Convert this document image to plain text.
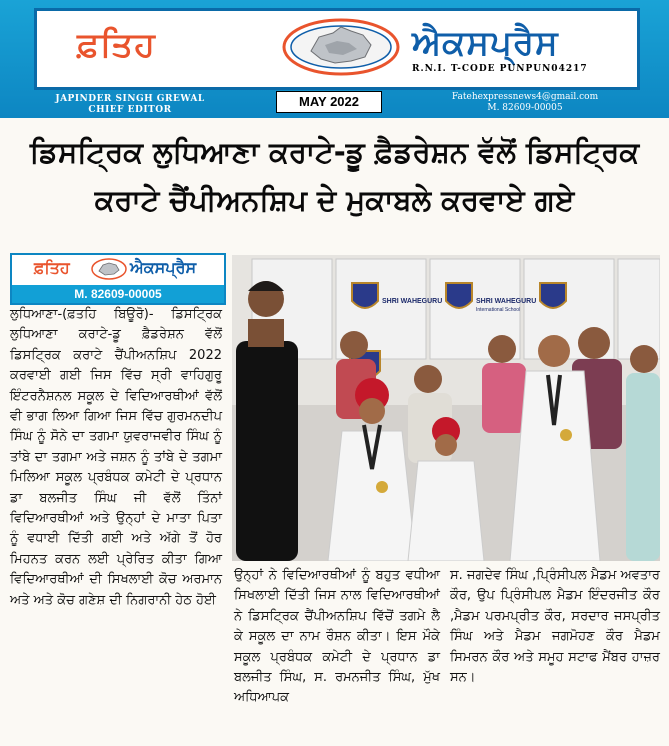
ਫ਼ਤਿਹ	ਐਕਸਪ੍ਰੈਸ
R.N.I. T-CODE PUNPUN04217
JAPINDER SINGH GREWAL
CHIEF EDITOR
MAY 2022	Fatehexpressnews4@gmail.com
M. 82609-00005
ਡਿਸਟ੍ਰਿਕ ਲੁਧਿਆਣਾ ਕਰਾਟੇ-ਡੂ ਫ਼ੈਡਰੇਸ਼ਨ ਵੱਲੋਂ ਡਿਸਟ੍ਰਿਕ
ਕਰਾਟੇ ਚੈਂਪੀਅਨਸ਼ਿਪ ਦੇ ਮੁਕਾਬਲੇ ਕਰਵਾਏ ਗਏ
ਫ਼ਤਿਹ	ਐਕਸਪ੍ਰੈਸ
M. 82609-00005
ਲੁਧਿਆਣਾ-(ਫ਼ਤਹਿ ਬਿਊਰੋ)- ਡਿਸਟ੍ਰਿਕ ਲੁਧਿਆਣਾ ਕਰਾਟੇ-ਡੂ ਫ਼ੈਡਰੇਸ਼ਨ ਵੱਲੋਂ ਡਿਸਟ੍ਰਿਕ ਕਰਾਟੇ ਚੈਂਪੀਅਨਸ਼ਿਪ 2022 ਕਰਵਾਈ ਗਈ ਜਿਸ ਵਿੱਚ ਸ੍ਰੀ ਵਾਹਿਗੁਰੂ ਇੰਟਰਨੈਸ਼ਨਲ ਸਕੂਲ ਦੇ ਵਿਦਿਆਰਥੀਆਂ ਵੱਲੋਂ ਵੀ ਭਾਗ ਲਿਆ ਗਿਆ ਜਿਸ ਵਿੱਚ ਗੁਰਮਨਦੀਪ ਸਿੰਘ ਨੂੰ ਸੋਨੇ ਦਾ ਤਗਮਾ ਯੁਵਰਾਜਵੀਰ ਸਿੰਘ ਨੂੰ ਤਾਂਬੇ ਦਾ ਤਗਮਾ ਅਤੇ ਜਸ਼ਨ ਨੂੰ ਤਾਂਬੇ ਦੇ ਤਗਮਾ ਮਿਲਿਆ ਸਕੂਲ ਪ੍ਰਬੰਧਕ ਕਮੇਟੀ ਦੇ ਪ੍ਰਧਾਨ ਡਾ ਬਲਜੀਤ ਸਿੰਘ ਜੀ ਵੱਲੋਂ ਤਿੰਨਾਂ ਵਿਦਿਆਰਥੀਆਂ ਅਤੇ ਉਨ੍ਹਾਂ ਦੇ ਮਾਤਾ ਪਿਤਾ ਨੂੰ ਵਧਾਈ ਦਿੱਤੀ ਗਈ ਅਤੇ ਅੱਗੇ ਤੋਂ ਹੋਰ ਮਿਹਨਤ ਕਰਨ ਲਈ ਪ੍ਰੇਰਿਤ ਕੀਤਾ ਗਿਆ ਵਿਦਿਆਰਥੀਆਂ ਦੀ ਸਿਖਲਾਈ ਕੋਚ ਅਰਮਾਨ ਅਤੇ ਅਤੇ ਕੋਚ ਗਣੇਸ਼ ਦੀ ਨਿਗਰਾਨੀ ਹੇਠ ਹੋਈ
ਉਨ੍ਹਾਂ ਨੇ ਵਿਦਿਆਰਥੀਆਂ ਨੂੰ ਬਹੁਤ ਵਧੀਆ ਸਿਖਲਾਈ ਦਿੱਤੀ ਜਿਸ ਨਾਲ ਵਿਦਿਆਰਥੀਆਂ ਨੇ ਡਿਸਟ੍ਰਿਕ ਚੈਂਪੀਅਨਸ਼ਿਪ ਵਿੱਚੋਂ ਤਗਮੇ ਲੈ ਕੇ ਸਕੂਲ ਦਾ ਨਾਮ ਰੌਸ਼ਨ ਕੀਤਾ। ਇਸ ਮੌਕੇ ਸਕੂਲ ਪ੍ਰਬੰਧਕ ਕਮੇਟੀ ਦੇ ਪ੍ਰਧਾਨ ਡਾ ਬਲਜੀਤ ਸਿੰਘ, ਸ. ਰਮਨਜੀਤ ਸਿੰਘ, ਮੁੱਖ ਅਧਿਆਪਕ
ਸ. ਜਗਦੇਵ ਸਿੰਘ ,ਪ੍ਰਿੰਸੀਪਲ ਮੈਡਮ ਅਵਤਾਰ ਕੌਰ, ਉਪ ਪ੍ਰਿੰਸੀਪਲ ਮੈਡਮ ਇੰਦਰਜੀਤ ਕੌਰ ,ਮੈਡਮ ਪਰਮਪ੍ਰੀਤ ਕੌਰ, ਸਰਦਾਰ ਜਸਪ੍ਰੀਤ ਸਿੰਘ ਅਤੇ ਮੈਡਮ ਜਗਮੋਹਣ ਕੌਰ ਮੈਡਮ ਸਿਮਰਨ ਕੌਰ ਅਤੇ ਸਮੂਹ ਸਟਾਫ ਮੈਂਬਰ ਹਾਜ਼ਰ ਸਨ।
SHRI WAHEGURU	SHRI WAHEGURU
International School
